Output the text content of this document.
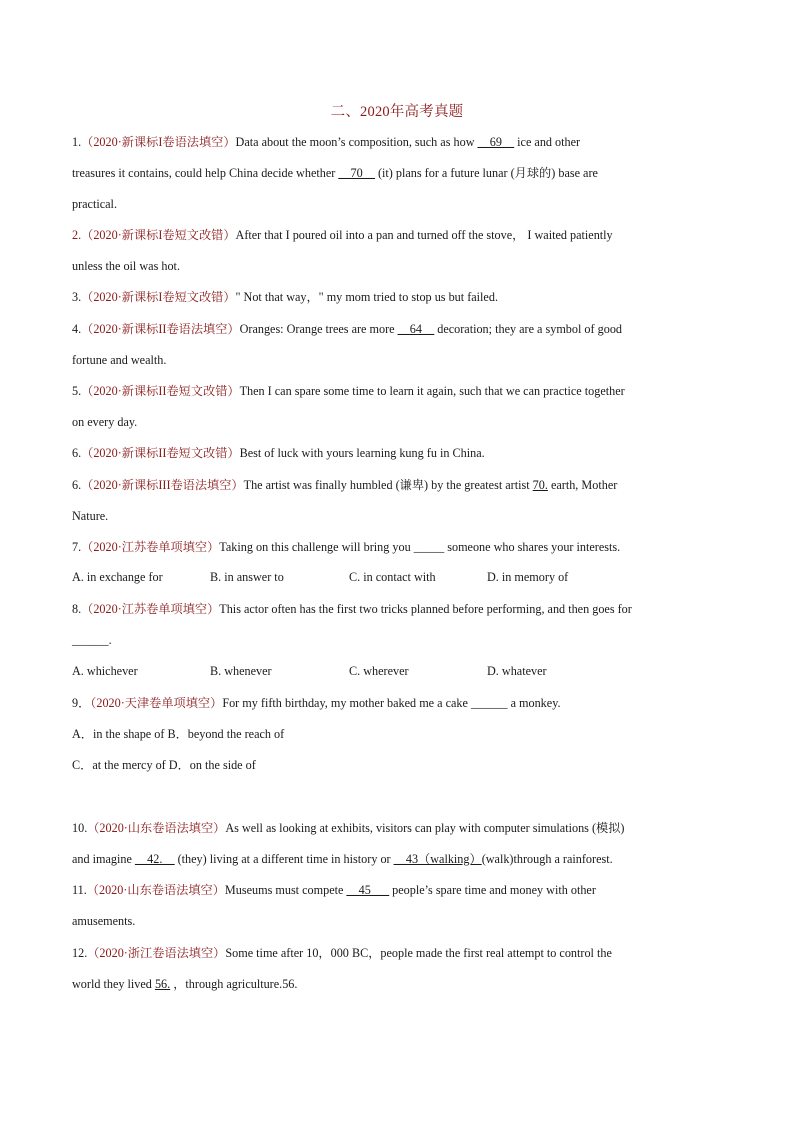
二、2020年高考真题
1.（2020·新课标I卷语法填空）Data about the moon’s composition, such as how __69__ ice and other
treasures it contains, could help China decide whether __70__ (it) plans for a future lunar (月球的) base are
practical.
2.（2020·新课标I卷短文改错）After that I poured oil into a pan and turned off the stove， I waited patiently
unless the oil was hot.
3.（2020·新课标I卷短文改错）" Not that way，" my mom tried to stop us but failed.
4.（2020·新课标II卷语法填空）Oranges: Orange trees are more __64__ decoration; they are a symbol of good
fortune and wealth.
5.（2020·新课标II卷短文改错）Then I can spare some time to learn it again, such that we can practice together
on every day.
6.（2020·新课标II卷短文改错）Best of luck with yours learning kung fu in China.
6.（2020·新课标III卷语法填空）The artist was finally humbled (谦卑) by the greatest artist 70. earth, Mother
Nature.
7.（2020·江苏卷单项填空）Taking on this challenge will bring you _____ someone who shares your interests.
A. in exchange for	B. in answer to	C. in contact with	D. in memory of
8.（2020·江苏卷单项填空）This actor often has the first two tricks planned before performing, and then goes for
______.
A. whichever	B. whenever	C. wherever	D. whatever
9．（2020·天津卷单项填空）For my fifth birthday, my mother baked me a cake ______ a monkey.
A．in the shape of B．beyond the reach of
C．at the mercy of D．on the side of
10.（2020·山东卷语法填空）As well as looking at exhibits, visitors can play with computer simulations (模拟)
and imagine __42.__ (they) living at a different time in history or __43（walking）(walk)through a rainforest.
11.（2020·山东卷语法填空）Museums must compete __45___ people’s spare time and money with other
amusements.
12.（2020·浙江卷语法填空）Some time after 10，000 BC，people made the first real attempt to control the
world they lived 56. ，through agriculture.56.
